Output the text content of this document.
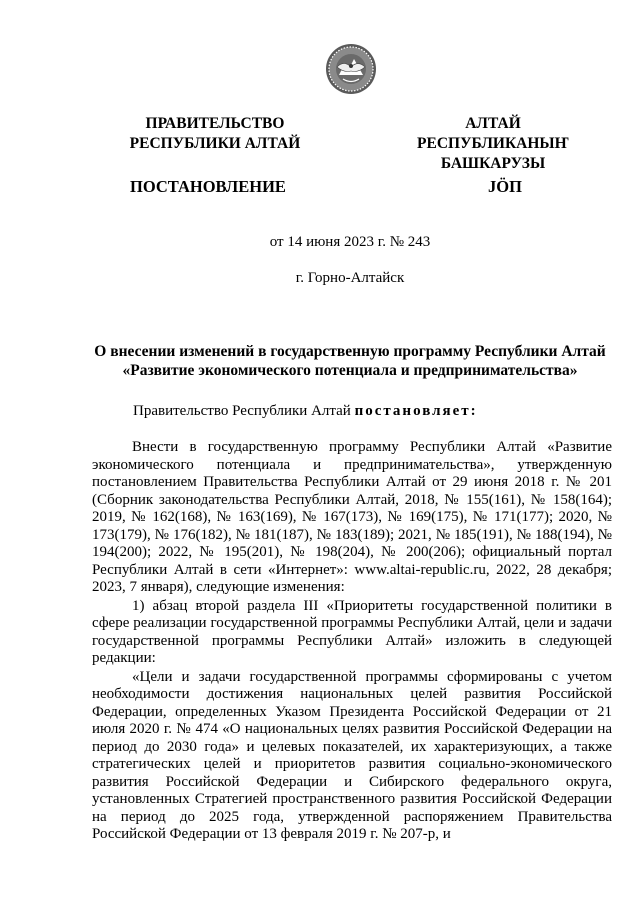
ПРАВИТЕЛЬСТВО
РЕСПУБЛИКИ АЛТАЙ
АЛТАЙ РЕСПУБЛИКАНЫҤ
БАШКАРУЗЫ
ПОСТАНОВЛЕНИЕ	JÖП
от 14 июня 2023 г. № 243
г. Горно-Алтайск
О внесении изменений в государственную программу Республики Алтай
«Развитие экономического потенциала и предпринимательства»
Правительство Республики Алтай постановляет:

Внести в государственную программу Республики Алтай «Развитие экономического потенциала и предпринимательства», утвержденную постановлением Правительства Республики Алтай от 29 июня 2018 г. № 201 (Сборник законодательства Республики Алтай, 2018, № 155(161), № 158(164); 2019, № 162(168), № 163(169), № 167(173), № 169(175), № 171(177); 2020, № 173(179), № 176(182), № 181(187), № 183(189); 2021, № 185(191), № 188(194), № 194(200); 2022, № 195(201), № 198(204), № 200(206); официальный портал Республики Алтай в сети «Интернет»: www.altai-republic.ru, 2022, 28 декабря; 2023, 7 января), следующие изменения:

1) абзац второй раздела III «Приоритеты государственной политики в сфере реализации государственной программы Республики Алтай, цели и задачи государственной программы Республики Алтай» изложить в следующей редакции:

«Цели и задачи государственной программы сформированы с учетом необходимости достижения национальных целей развития Российской Федерации, определенных Указом Президента Российской Федерации от 21 июля 2020 г. № 474 «О национальных целях развития Российской Федерации на период до 2030 года» и целевых показателей, их характеризующих, а также стратегических целей и приоритетов развития социально-экономического развития Российской Федерации и Сибирского федерального округа, установленных Стратегией пространственного развития Российской Федерации на период до 2025 года, утвержденной распоряжением Правительства Российской Федерации от 13 февраля 2019 г. № 207-р, и
